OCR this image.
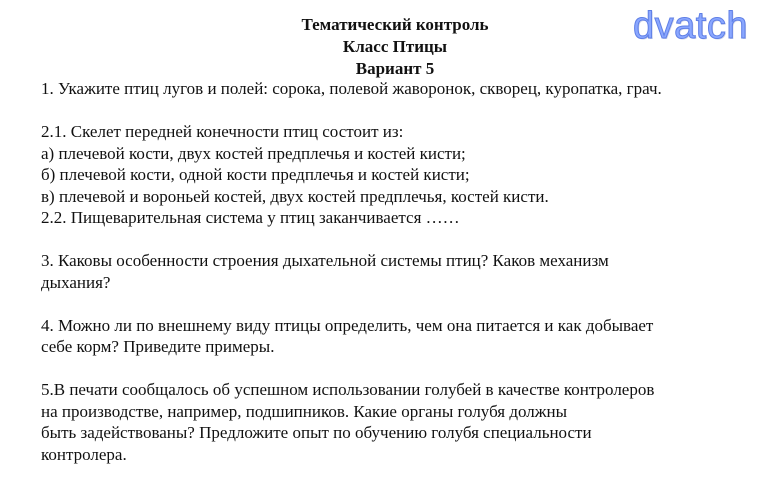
dvatch
Тематический контроль
Класс Птицы
Вариант 5
1. Укажите птиц лугов и полей: сорока, полевой жаворонок, скворец, куропатка, грач.
2.1. Скелет передней конечности птиц состоит из:
а) плечевой кости, двух костей предплечья и костей кисти;
б) плечевой кости, одной кости предплечья и костей кисти;
в) плечевой и вороньей костей, двух костей предплечья, костей кисти.
2.2. Пищеварительная система у птиц заканчивается ……
3. Каковы особенности строения дыхательной системы птиц? Каков механизм
дыхания?
4. Можно ли по внешнему виду птицы определить, чем она питается и как добывает
себе корм? Приведите примеры.
5.В печати сообщалось об успешном использовании голубей в качестве контролеров
на производстве, например, подшипников. Какие органы голубя должны
быть задействованы? Предложите опыт по обучению голубя специальности
контролера.
